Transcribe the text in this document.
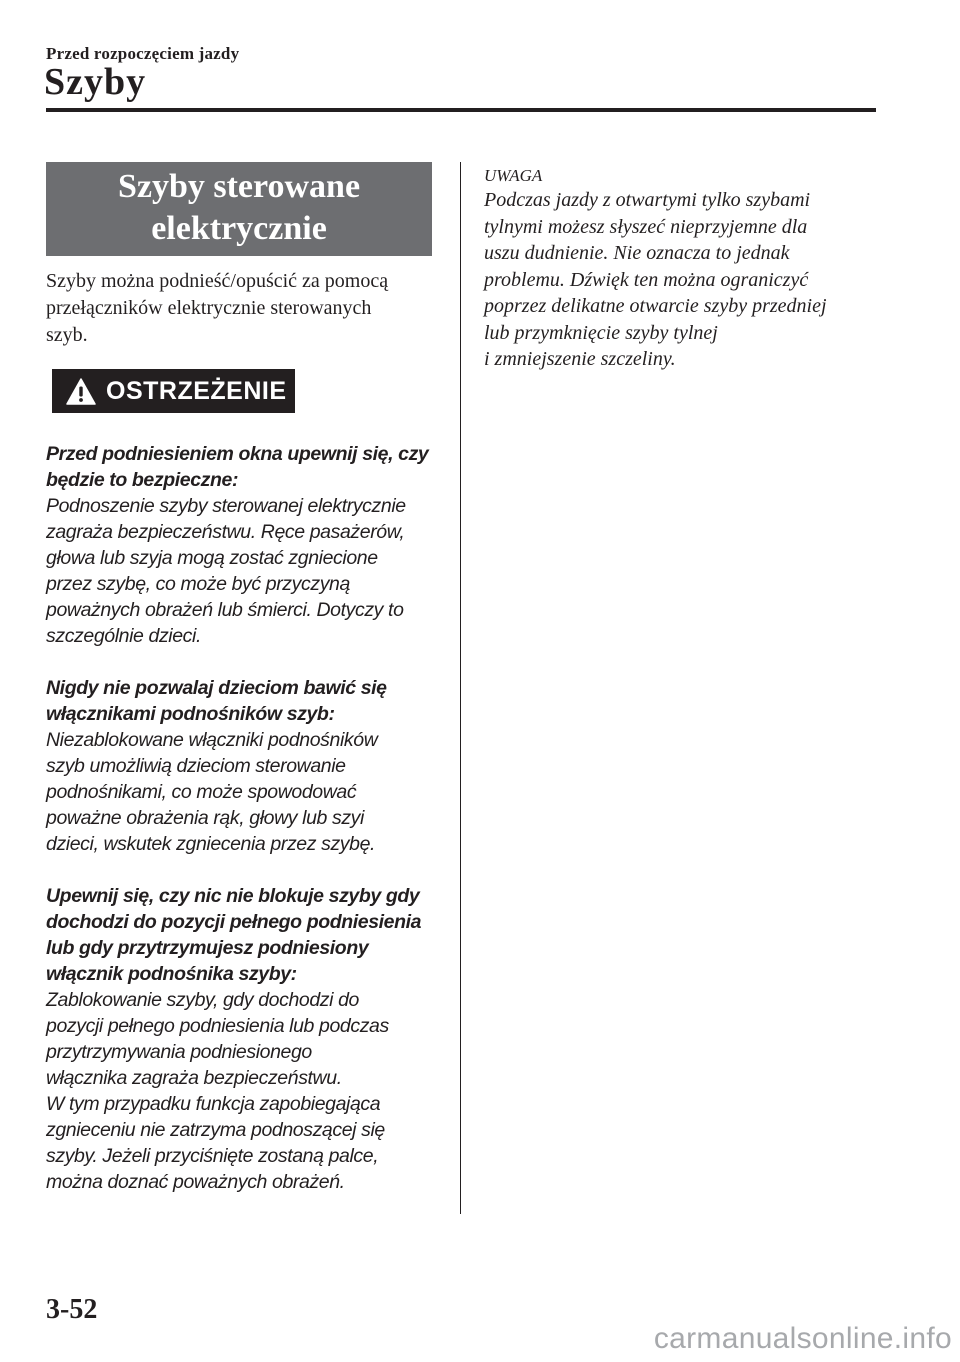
Przed rozpoczęciem jazdy
Szyby
Szyby sterowane
elektrycznie
Szyby można podnieść/opuścić za pomocą
przełączników elektrycznie sterowanych
szyb.
OSTRZEŻENIE
Przed podniesieniem okna upewnij się, czy
będzie to bezpieczne:
Podnoszenie szyby sterowanej elektrycznie
zagraża bezpieczeństwu. Ręce pasażerów,
głowa lub szyja mogą zostać zgniecione
przez szybę, co może być przyczyną
poważnych obrażeń lub śmierci. Dotyczy to
szczególnie dzieci.
Nigdy nie pozwalaj dzieciom bawić się
włącznikami podnośników szyb:
Niezablokowane włączniki podnośników
szyb umożliwią dzieciom sterowanie
podnośnikami, co może spowodować
poważne obrażenia rąk, głowy lub szyi
dzieci, wskutek zgniecenia przez szybę.
Upewnij się, czy nic nie blokuje szyby gdy
dochodzi do pozycji pełnego podniesienia
lub gdy przytrzymujesz podniesiony
włącznik podnośnika szyby:
Zablokowanie szyby, gdy dochodzi do
pozycji pełnego podniesienia lub podczas
przytrzymywania podniesionego
włącznika zagraża bezpieczeństwu.
W tym przypadku funkcja zapobiegająca
zgnieceniu nie zatrzyma podnoszącej się
szyby. Jeżeli przyciśnięte zostaną palce,
można doznać poważnych obrażeń.
UWAGA
Podczas jazdy z otwartymi tylko szybami
tylnymi możesz słyszeć nieprzyjemne dla
uszu dudnienie. Nie oznacza to jednak
problemu. Dźwięk ten można ograniczyć
poprzez delikatne otwarcie szyby przedniej
lub przymknięcie szyby tylnej
i zmniejszenie szczeliny.
3-52
carmanualsonline.info
